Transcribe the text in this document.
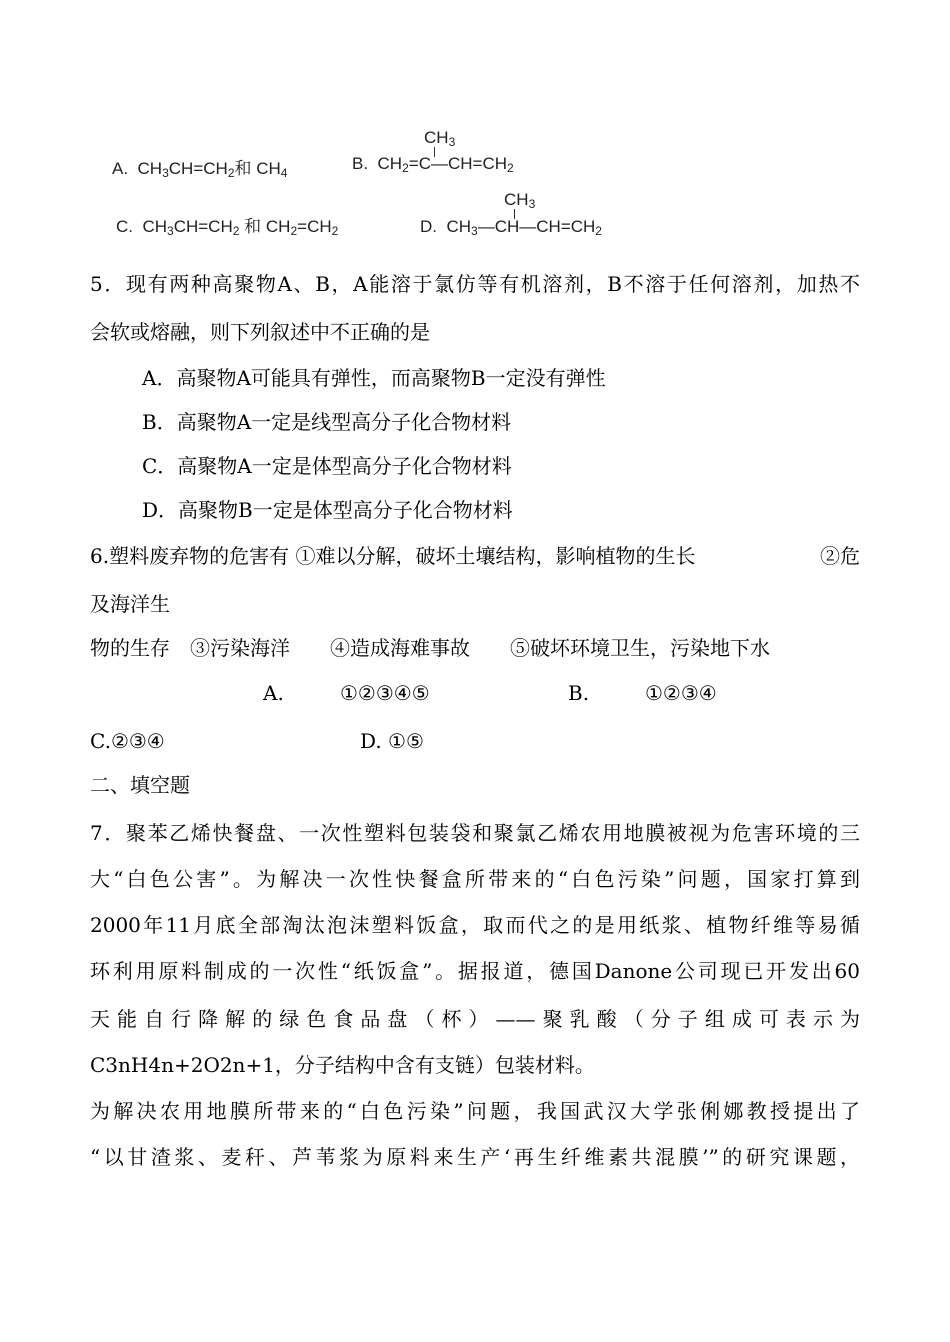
A. $CH_3CH=CH_2$和 $CH_4$
$CH_3$
B. $CH_2=C—CH=CH_2$
C. $CH_3CH=CH_2$ 和 $CH_2=CH_2$
$CH_3$
D. $CH_3—CH—CH=CH_2$
5．现有两种高聚物A、B，A能溶于氯仿等有机溶剂，B不溶于任何溶剂，加热不
会软或熔融，则下列叙述中不正确的是
A．高聚物A可能具有弹性，而高聚物B一定没有弹性
B．高聚物A一定是线型高分子化合物材料
C．高聚物A一定是体型高分子化合物材料
D．高聚物B一定是体型高分子化合物材料
6.塑料废弃物的危害有 ①难以分解，破坏土壤结构，影响植物的生长	②危
及海洋生
物的生存　③污染海洋　　④造成海难事故　　⑤破坏环境卫生，污染地下水
A.	①②③④⑤	B.	①②③④
C.②③④	D. ①⑤
二、填空题
7．聚苯乙烯快餐盘、一次性塑料包装袋和聚氯乙烯农用地膜被视为危害环境的三
大“白色公害”。为解决一次性快餐盒所带来的“白色污染”问题，国家打算到
2000年11月底全部淘汰泡沫塑料饭盒，取而代之的是用纸浆、植物纤维等易循
环利用原料制成的一次性“纸饭盒”。据报道，德国Danone公司现已开发出60
天能自行降解的绿色食品盘（杯）——聚乳酸（分子组成可表示为
C3nH4n+2O2n+1，分子结构中含有支链）包装材料。
为解决农用地膜所带来的“白色污染”问题，我国武汉大学张俐娜教授提出了
“以甘渣浆、麦秆、芦苇浆为原料来生产‘再生纤维素共混膜’”的研究课题，
